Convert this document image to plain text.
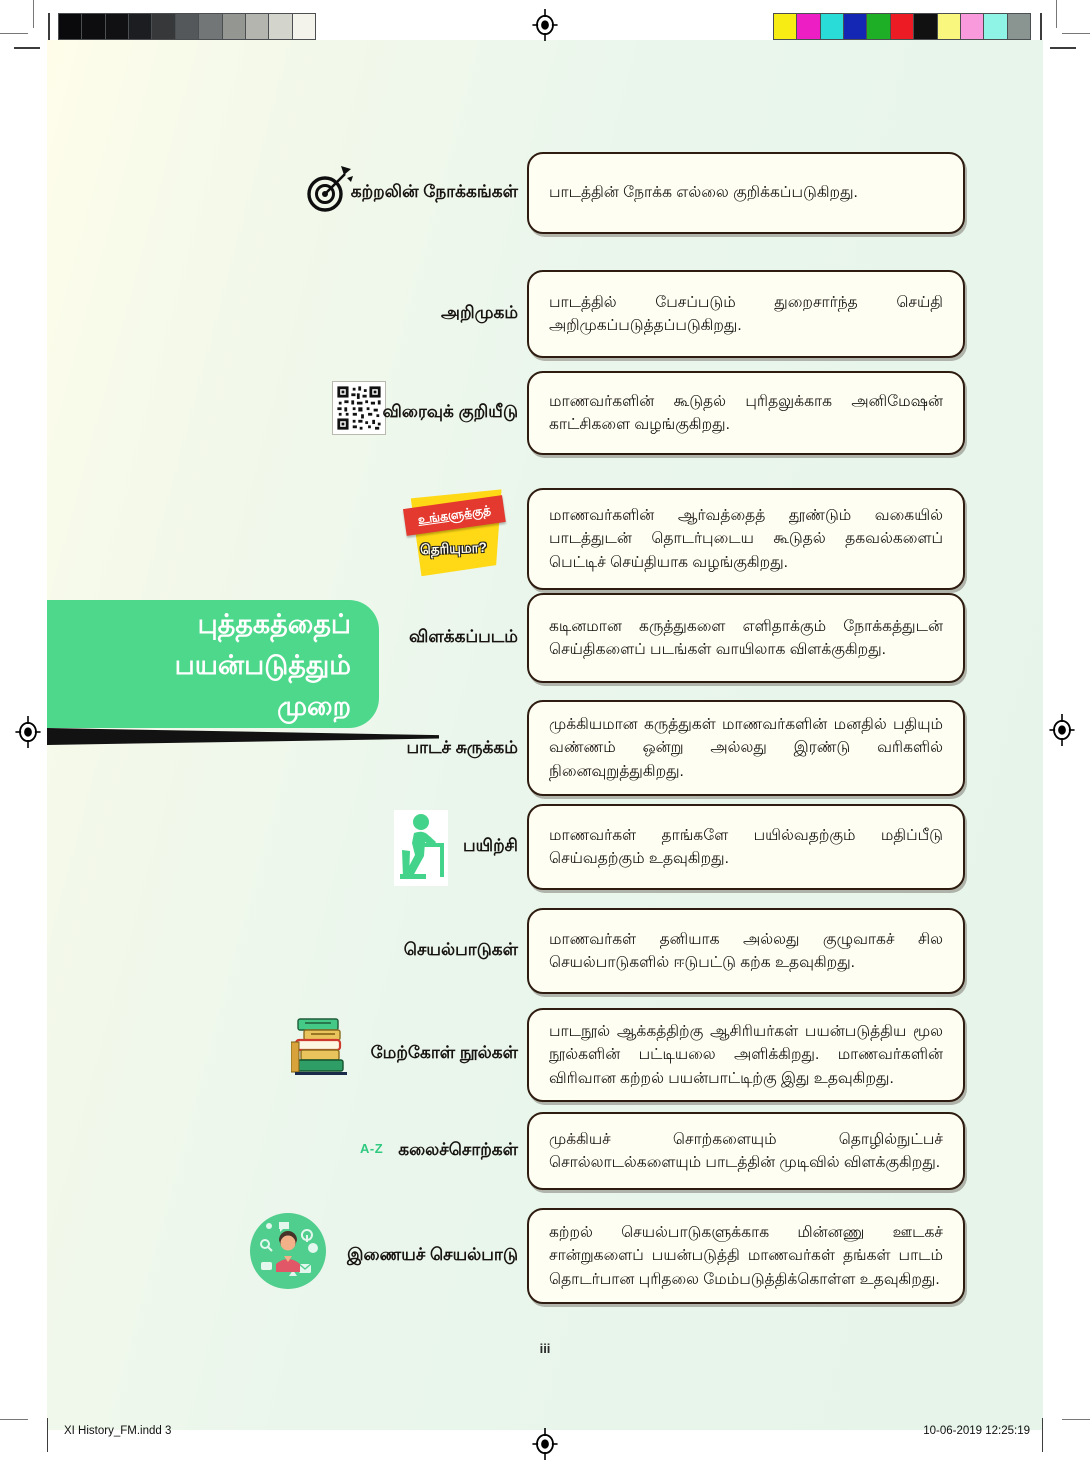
புத்தகத்தைப்
பயன்படுத்தும்
முறை
கற்றலின் நோக்கங்கள்	பாடத்தின் நோக்க எல்லை குறிக்கப்படுகிறது.

அறிமுகம்

பாடத்தில் பேசப்படும் துறைசார்ந்த செய்தி அறிமுகப்படுத்தப்படுகிறது.

விரைவுக் குறியீடு

மாணவர்களின் கூடுதல் புரிதலுக்காக அனிமேஷன் காட்சிகளை வழங்குகிறது.

உங்களுக்குத்
தெரியுமா?

மாணவர்களின் ஆர்வத்தைத் தூண்டும் வகையில் பாடத்துடன் தொடர்புடைய கூடுதல் தகவல்களைப் பெட்டிச் செய்தியாக வழங்குகிறது.

விளக்கப்படம்

கடினமான கருத்துகளை எளிதாக்கும் நோக்கத்துடன் செய்திகளைப் படங்கள் வாயிலாக விளக்குகிறது.

பாடச் சுருக்கம்

முக்கியமான கருத்துகள் மாணவர்களின் மனதில் பதியும் வண்ணம் ஒன்று அல்லது இரண்டு வரிகளில் நினைவுறுத்துகிறது.

பயிற்சி

மாணவர்கள் தாங்களே பயில்வதற்கும் மதிப்பீடு செய்வதற்கும் உதவுகிறது.

செயல்பாடுகள்

மாணவர்கள் தனியாக அல்லது குழுவாகச் சில செயல்பாடுகளில் ஈடுபட்டு கற்க உதவுகிறது.

மேற்கோள் நூல்கள்

பாடநூல் ஆக்கத்திற்கு ஆசிரியர்கள் பயன்படுத்திய மூல நூல்களின் பட்டியலை அளிக்கிறது. மாணவர்களின் விரிவான கற்றல் பயன்பாட்டிற்கு இது உதவுகிறது.

A-Z கலைச்சொற்கள்

முக்கியச் சொற்களையும் தொழில்நுட்பச் சொல்லாடல்களையும் பாடத்தின் முடிவில் விளக்குகிறது.

இணையச் செயல்பாடு

கற்றல் செயல்பாடுகளுக்காக மின்னணு ஊடகச் சான்றுகளைப் பயன்படுத்தி மாணவர்கள் தங்கள் பாடம் தொடர்பான புரிதலை மேம்படுத்திக்கொள்ள உதவுகிறது.

iii
XI History_FM.indd 3	10-06-2019 12:25:19
